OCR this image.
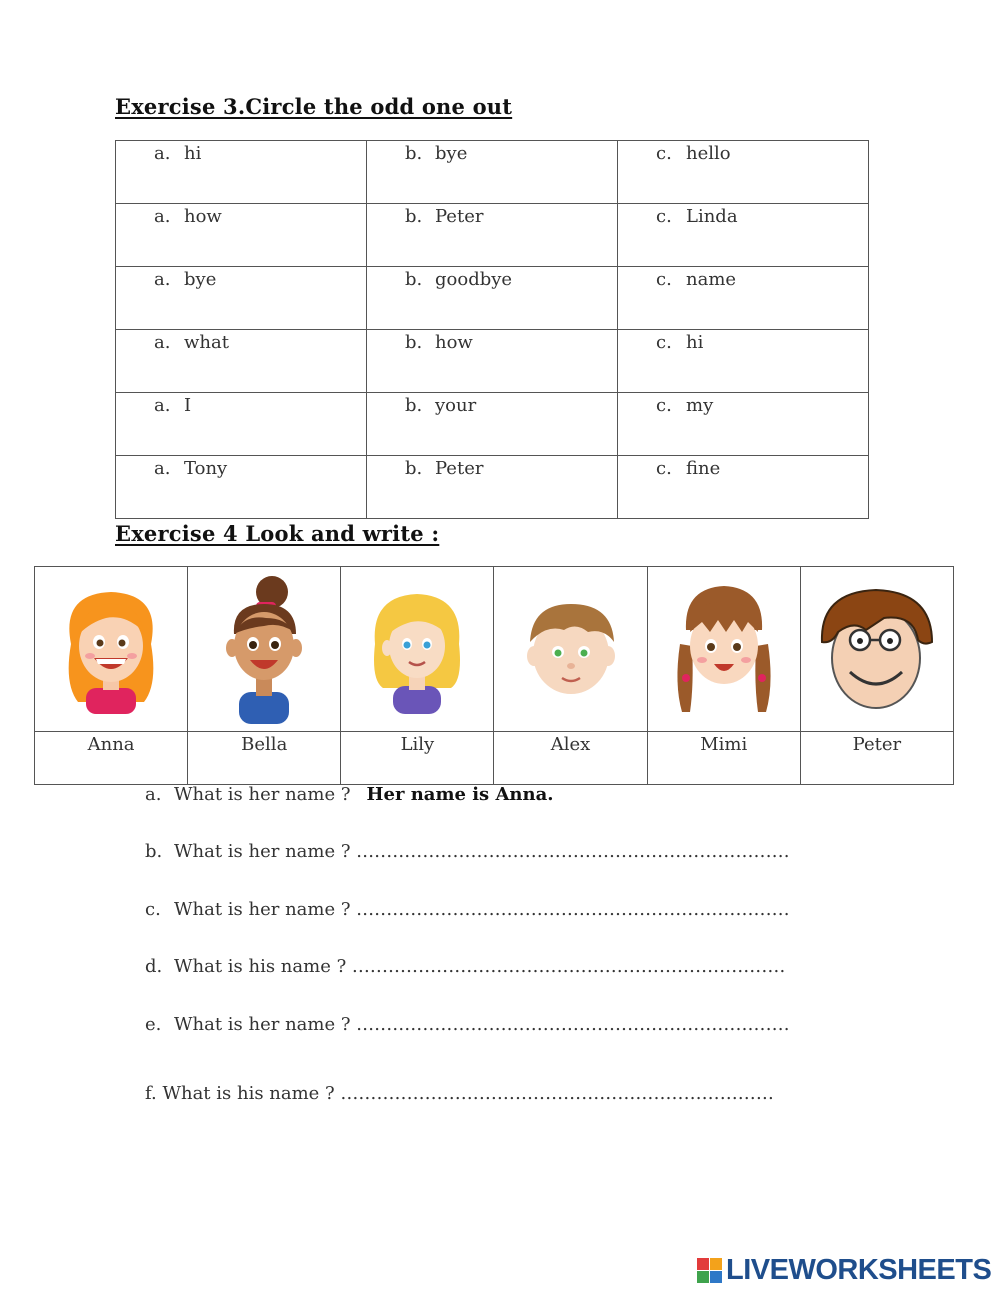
Exercise 3.Circle the odd one out
a. hi	b. bye	c. hello

a. how	b. Peter	c. Linda

a. bye	b. goodbye	c. name

a. what	b. how	c. hi

a. I	b. your	c. my

a. Tony	b. Peter	c. fine
Exercise 4 Look and write :

Anna	Bella	Lily	Alex	Mimi	Peter
a. What is her name ? Her name is Anna.
b. What is her name ? ........................................................................
c. What is her name ? ........................................................................
d. What is his name ? ........................................................................
e. What is her name ? ........................................................................
f. What is his name ? ........................................................................
LIVEWORKSHEETS
